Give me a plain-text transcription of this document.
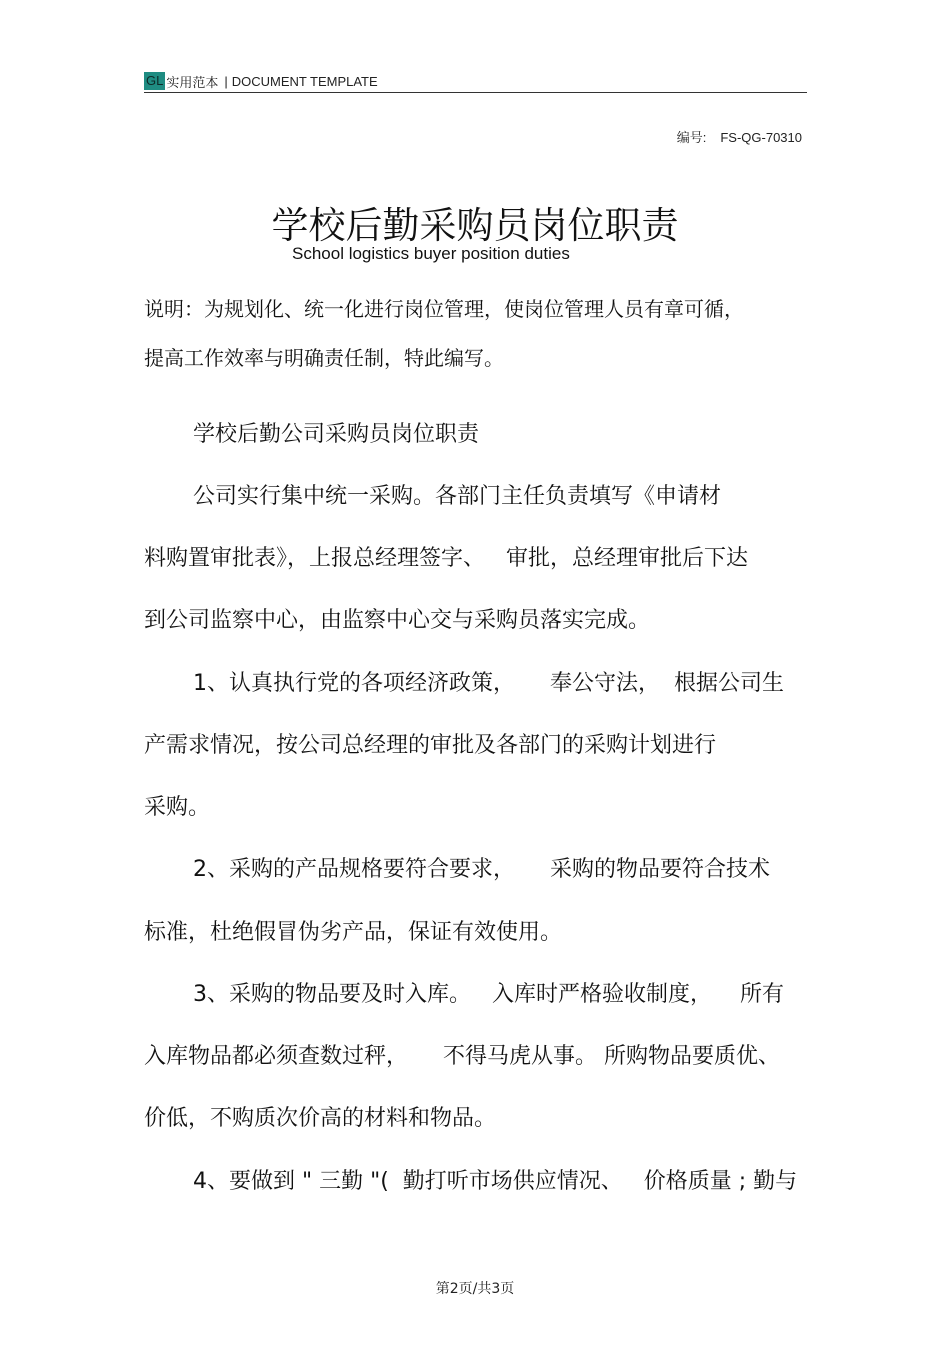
GL 实用范本 | DOCUMENT TEMPLATE
编号: FS-QG-70310
学校后勤采购员岗位职责
School logistics buyer position duties
说明：为规划化、统一化进行岗位管理，使岗位管理人员有章可循，
提高工作效率与明确责任制，特此编写。
学校后勤公司采购员岗位职责
公司实行集中统一采购。各部门主任负责填写《申请材
料购置审批表》，上报总经理签字、   审批，总经理审批后下达
到公司监察中心，由监察中心交与采购员落实完成。
1、认真执行党的各项经济政策，     奉公守法，  根据公司生
产需求情况，按公司总经理的审批及各部门的采购计划进行
采购。
2、采购的产品规格要符合要求，     采购的物品要符合技术
标准，杜绝假冒伪劣产品，保证有效使用。
3、采购的物品要及时入库。   入库时严格验收制度，    所有
入库物品都必须查数过秤，     不得马虎从事。 所购物品要质优、
价低，不购质次价高的材料和物品。
4、要做到 " 三勤 "(  勤打听市场供应情况、   价格质量 ; 勤与
第2页/共3页
